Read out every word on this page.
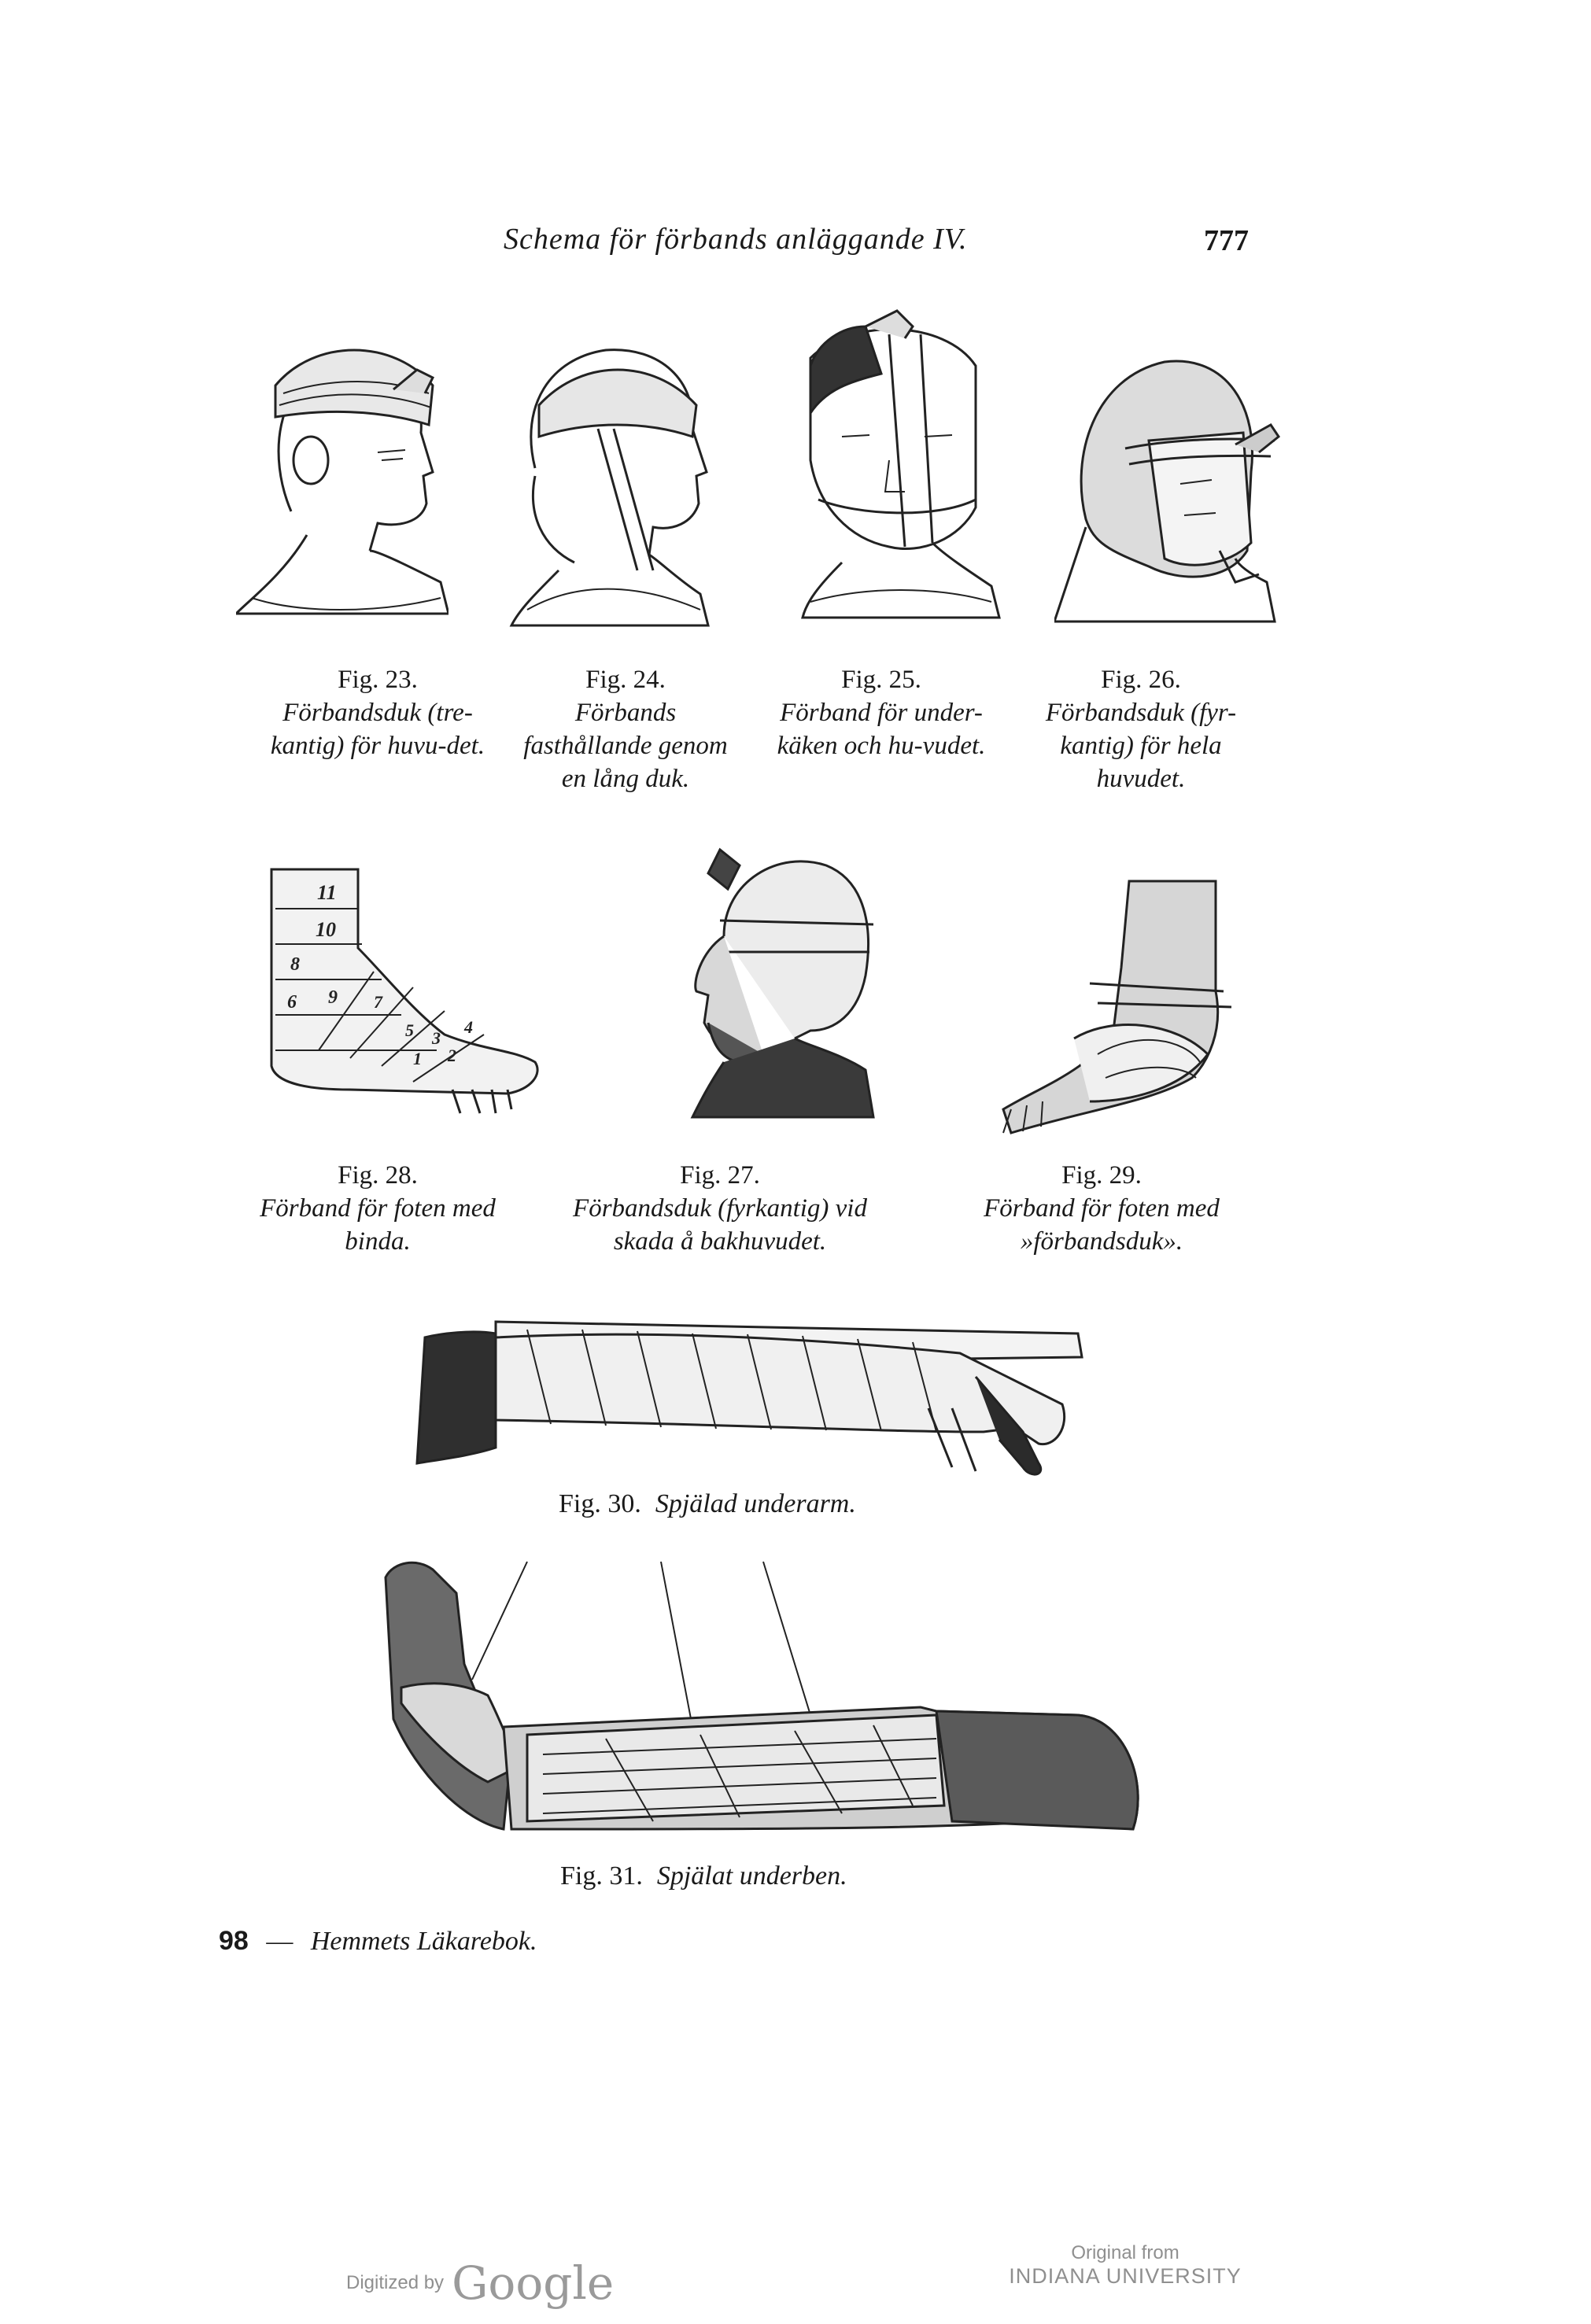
Schema för förbands anläggande IV.	777
Fig. 23.
Förbandsduk (tre-kantig) för huvu-det.
Fig. 24.
Förbands fasthållande genom en lång duk.
Fig. 25.
Förband för under-käken och hu-vudet.
Fig. 26.
Förbandsduk (fyr-kantig) för hela huvudet.
11
10
8
6 9 7
5 3
2
1
4
Fig. 28.
Förband för foten med binda.
Fig. 27.
Förbandsduk (fyrkantig) vid skada å bakhuvudet.
Fig. 29.
Förband för foten med »förbandsduk».
Fig. 30. Spjälad underarm.
Fig. 31. Spjälat underben.
98 — Hemmets Läkarebok.
Digitized by Google
Original from
INDIANA UNIVERSITY
